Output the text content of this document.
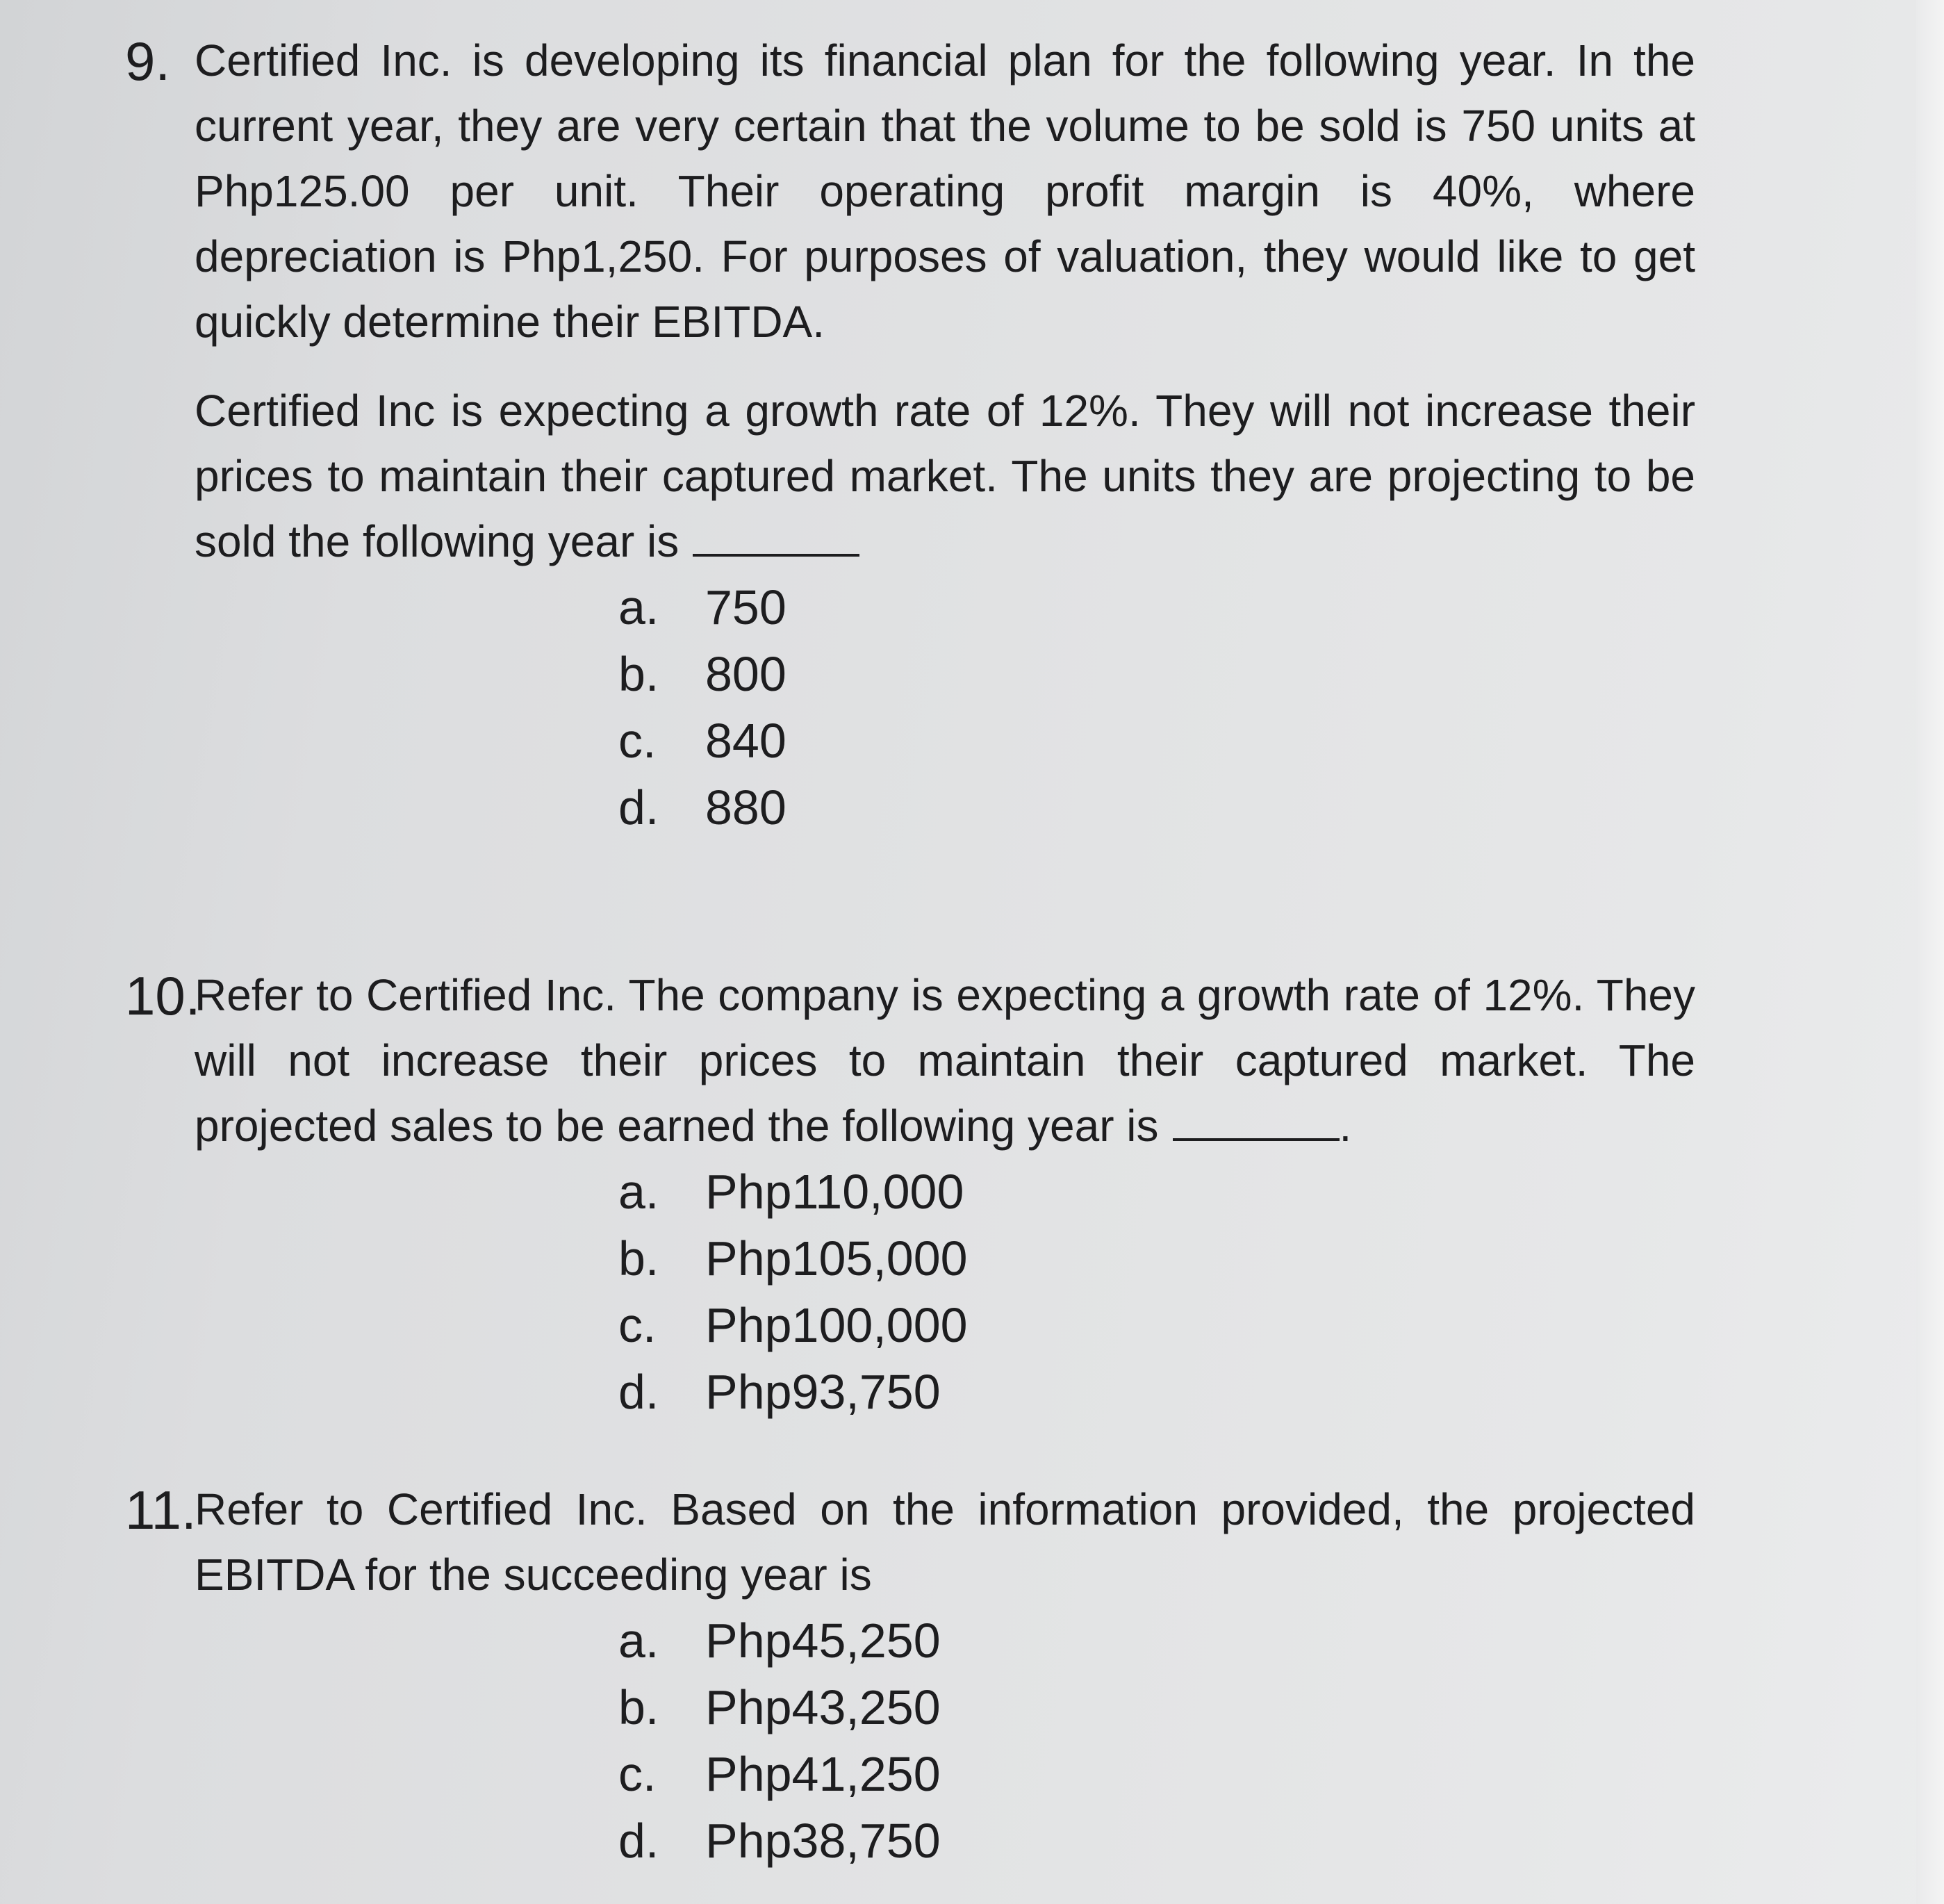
9. Certified Inc. is developing its financial plan for the following year. In the current year, they are very certain that the volume to be sold is 750 units at Php125.00 per unit. Their operating profit margin is 40%, where depreciation is Php1,250. For purposes of valuation, they would like to get quickly determine their EBITDA.

Certified Inc is expecting a growth rate of 12%. They will not increase their prices to maintain their captured market. The units they are projecting to be sold the following year is

a. 750
b. 800
c. 840
d. 880
10.

Refer to Certified Inc. The company is expecting a growth rate of 12%. They will not increase their prices to maintain their captured market. The projected sales to be earned the following year is	.

a. Php110,000
b. Php105,000
c. Php100,000
d. Php93,750
11.

Refer to Certified Inc. Based on the information provided, the projected EBITDA for the succeeding year is

a. Php45,250
b. Php43,250
c. Php41,250
d. Php38,750
